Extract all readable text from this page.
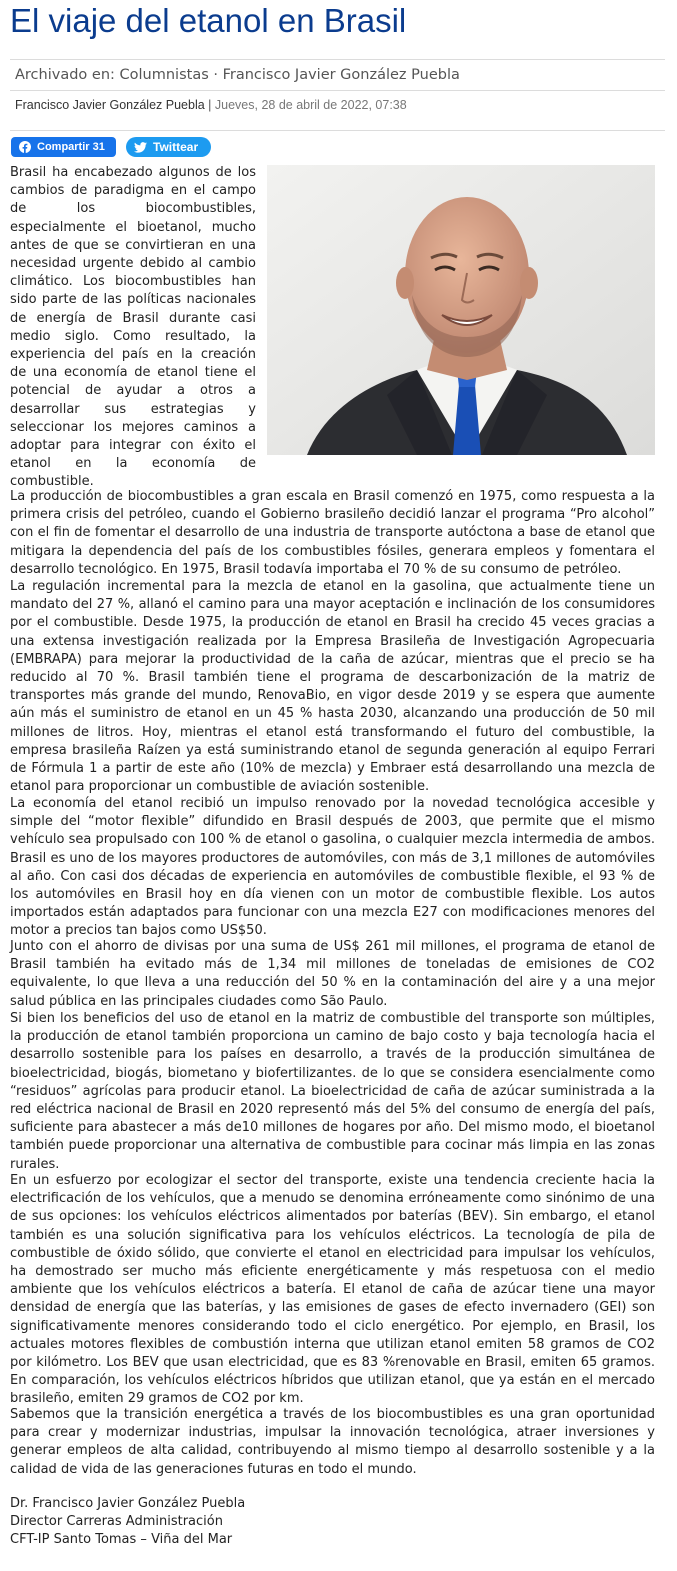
El viaje del etanol en Brasil
Archivado en: Columnistas · Francisco Javier González Puebla
Francisco Javier González Puebla | Jueves, 28 de abril de 2022, 07:38
Compartir 31	Twittear

Brasil ha encabezado algunos de los cambios de paradigma en el campo de los biocombustibles, especialmente el bioetanol, mucho antes de que se convirtieran en una necesidad urgente debido al cambio climático. Los biocombustibles han sido parte de las políticas nacionales de energía de Brasil durante casi medio siglo. Como resultado, la experiencia del país en la creación de una economía de etanol tiene el potencial de ayudar a otros a desarrollar sus estrategias y seleccionar los mejores caminos a adoptar para integrar con éxito el etanol en la economía de combustible.

La producción de biocombustibles a gran escala en Brasil comenzó en 1975, como respuesta a la primera crisis del petróleo, cuando el Gobierno brasileño decidió lanzar el programa “Pro alcohol” con el fin de fomentar el desarrollo de una industria de transporte autóctona a base de etanol que mitigara la dependencia del país de los combustibles fósiles, generara empleos y fomentara el desarrollo tecnológico. En 1975, Brasil todavía importaba el 70 % de su consumo de petróleo.

La regulación incremental para la mezcla de etanol en la gasolina, que actualmente tiene un mandato del 27 %, allanó el camino para una mayor aceptación e inclinación de los consumidores por el combustible. Desde 1975, la producción de etanol en Brasil ha crecido 45 veces gracias a una extensa investigación realizada por la Empresa Brasileña de Investigación Agropecuaria (EMBRAPA) para mejorar la productividad de la caña de azúcar, mientras que el precio se ha reducido al 70 %. Brasil también tiene el programa de descarbonización de la matriz de transportes más grande del mundo, RenovaBio, en vigor desde 2019 y se espera que aumente aún más el suministro de etanol en un 45 % hasta 2030, alcanzando una producción de 50 mil millones de litros. Hoy, mientras el etanol está transformando el futuro del combustible, la empresa brasileña Raízen ya está suministrando etanol de segunda generación al equipo Ferrari de Fórmula 1 a partir de este año (10% de mezcla) y Embraer está desarrollando una mezcla de etanol para proporcionar un combustible de aviación sostenible.

La economía del etanol recibió un impulso renovado por la novedad tecnológica accesible y simple del “motor flexible” difundido en Brasil después de 2003, que permite que el mismo vehículo sea propulsado con 100 % de etanol o gasolina, o cualquier mezcla intermedia de ambos. Brasil es uno de los mayores productores de automóviles, con más de 3,1 millones de automóviles al año. Con casi dos décadas de experiencia en automóviles de combustible flexible, el 93 % de los automóviles en Brasil hoy en día vienen con un motor de combustible flexible. Los autos importados están adaptados para funcionar con una mezcla E27 con modificaciones menores del motor a precios tan bajos como US$50.

Junto con el ahorro de divisas por una suma de US$ 261 mil millones, el programa de etanol de Brasil también ha evitado más de 1,34 mil millones de toneladas de emisiones de CO2 equivalente, lo que lleva a una reducción del 50 % en la contaminación del aire y a una mejor salud pública en las principales ciudades como São Paulo.

Si bien los beneficios del uso de etanol en la matriz de combustible del transporte son múltiples, la producción de etanol también proporciona un camino de bajo costo y baja tecnología hacia el desarrollo sostenible para los países en desarrollo, a través de la producción simultánea de bioelectricidad, biogás, biometano y biofertilizantes. de lo que se considera esencialmente como “residuos” agrícolas para producir etanol. La bioelectricidad de caña de azúcar suministrada a la red eléctrica nacional de Brasil en 2020 representó más del 5% del consumo de energía del país, suficiente para abastecer a más de10 millones de hogares por año. Del mismo modo, el bioetanol también puede proporcionar una alternativa de combustible para cocinar más limpia en las zonas rurales.

En un esfuerzo por ecologizar el sector del transporte, existe una tendencia creciente hacia la electrificación de los vehículos, que a menudo se denomina erróneamente como sinónimo de una de sus opciones: los vehículos eléctricos alimentados por baterías (BEV). Sin embargo, el etanol también es una solución significativa para los vehículos eléctricos. La tecnología de pila de combustible de óxido sólido, que convierte el etanol en electricidad para impulsar los vehículos, ha demostrado ser mucho más eficiente energéticamente y más respetuosa con el medio ambiente que los vehículos eléctricos a batería. El etanol de caña de azúcar tiene una mayor densidad de energía que las baterías, y las emisiones de gases de efecto invernadero (GEI) son significativamente menores considerando todo el ciclo energético. Por ejemplo, en Brasil, los actuales motores flexibles de combustión interna que utilizan etanol emiten 58 gramos de CO2 por kilómetro. Los BEV que usan electricidad, que es 83 %renovable en Brasil, emiten 65 gramos. En comparación, los vehículos eléctricos híbridos que utilizan etanol, que ya están en el mercado brasileño, emiten 29 gramos de CO2 por km.

Sabemos que la transición energética a través de los biocombustibles es una gran oportunidad para crear y modernizar industrias, impulsar la innovación tecnológica, atraer inversiones y generar empleos de alta calidad, contribuyendo al mismo tiempo al desarrollo sostenible y a la calidad de vida de las generaciones futuras en todo el mundo.

Dr. Francisco Javier González Puebla
Director Carreras Administración
CFT-IP Santo Tomas – Viña del Mar
